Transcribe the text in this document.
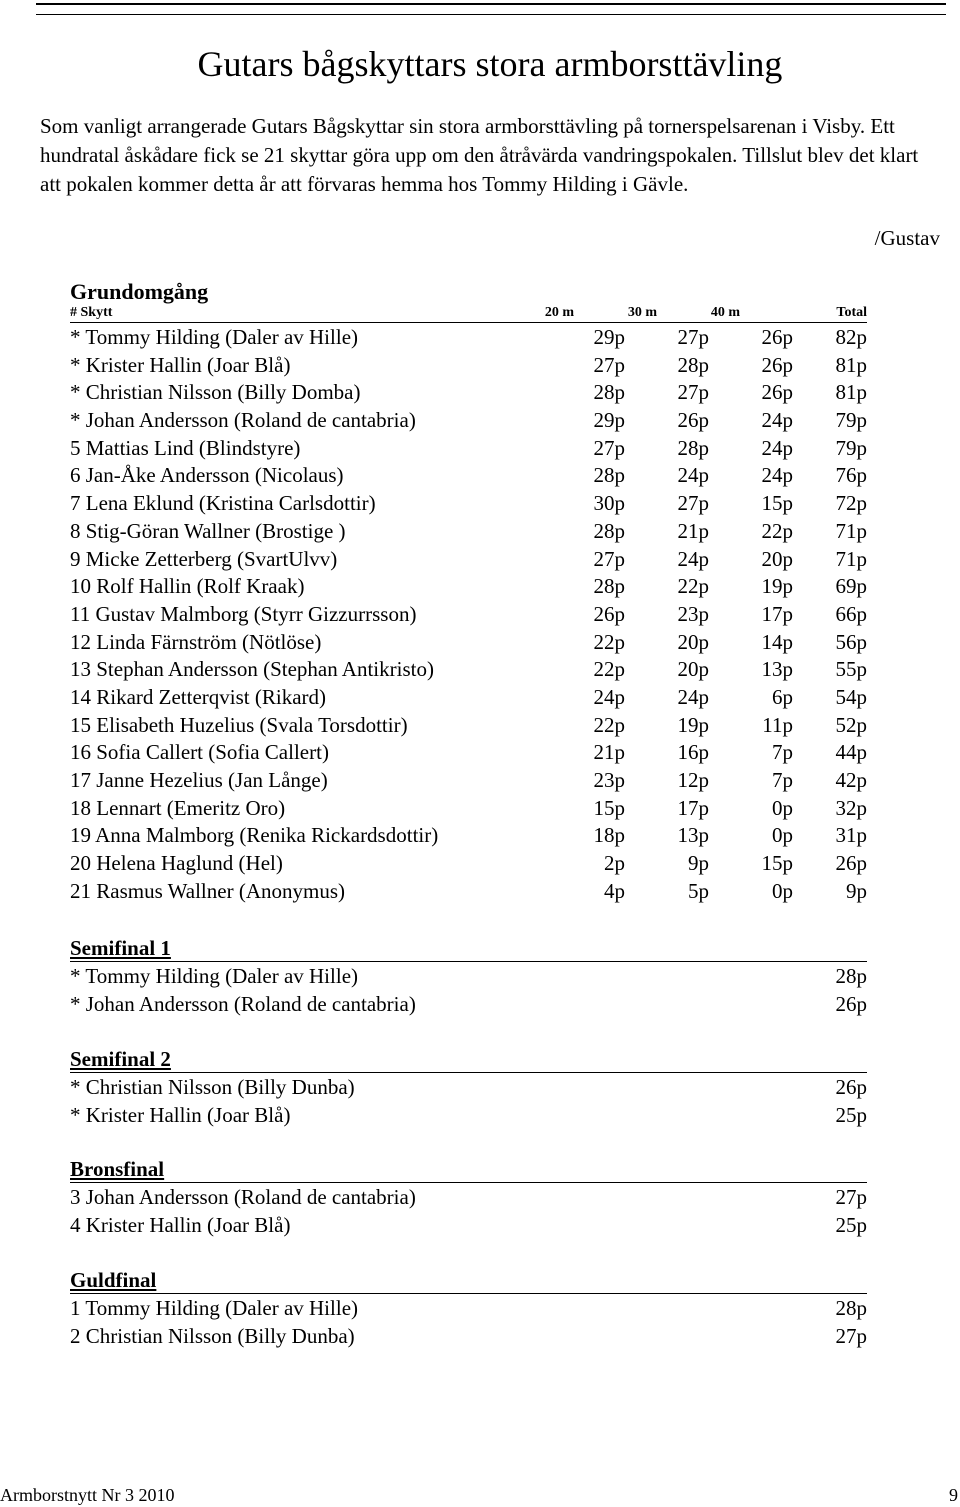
Gutars bågskyttars stora armborsttävling

Som vanligt arrangerade Gutars Bågskyttar sin stora armborsttävling på tornerspelsarenan i Visby. Ett hundratal åskådare fick se 21 skyttar göra upp om den åtråvärda vandringspokalen. Tillslut blev det klart att pokalen kommer detta år att förvaras hemma hos Tommy Hilding i Gävle.

/Gustav
Grundomgång
# Skytt	20 m	30 m	40 m	Total
* Tommy Hilding (Daler av Hille)	29p	27p	26p	82p
* Krister Hallin (Joar Blå)	27p	28p	26p	81p
* Christian Nilsson (Billy Domba)	28p	27p	26p	81p
* Johan Andersson (Roland de cantabria)	29p	26p	24p	79p
5 Mattias Lind (Blindstyre)	27p	28p	24p	79p
6 Jan-Åke Andersson (Nicolaus)	28p	24p	24p	76p
7 Lena Eklund (Kristina Carlsdottir)	30p	27p	15p	72p
8 Stig-Göran Wallner (Brostige )	28p	21p	22p	71p
9 Micke Zetterberg (SvartUlvv)	27p	24p	20p	71p
10 Rolf Hallin (Rolf Kraak)	28p	22p	19p	69p
11 Gustav Malmborg (Styrr Gizzurrsson)	26p	23p	17p	66p
12 Linda Färnström (Nötlöse)	22p	20p	14p	56p
13 Stephan Andersson (Stephan Antikristo)	22p	20p	13p	55p
14 Rikard Zetterqvist (Rikard)	24p	24p	6p	54p
15 Elisabeth Huzelius (Svala Torsdottir)	22p	19p	11p	52p
16 Sofia Callert (Sofia Callert)	21p	16p	7p	44p
17 Janne Hezelius (Jan Långe)	23p	12p	7p	42p
18 Lennart (Emeritz Oro)	15p	17p	0p	32p
19 Anna Malmborg (Renika Rickardsdottir)	18p	13p	0p	31p
20 Helena Haglund (Hel)	2p	9p	15p	26p
21 Rasmus Wallner (Anonymus)	4p	5p	0p	9p
Semifinal 1
* Tommy Hilding (Daler av Hille)	28p
* Johan Andersson (Roland de cantabria)	26p
Semifinal 2
* Christian Nilsson (Billy Dunba)	26p
* Krister Hallin (Joar Blå)	25p
Bronsfinal
3 Johan Andersson (Roland de cantabria)	27p
4 Krister Hallin (Joar Blå)	25p
Guldfinal
1 Tommy Hilding (Daler av Hille)	28p
2 Christian Nilsson (Billy Dunba)	27p
Armborstnytt Nr 3 2010	9
